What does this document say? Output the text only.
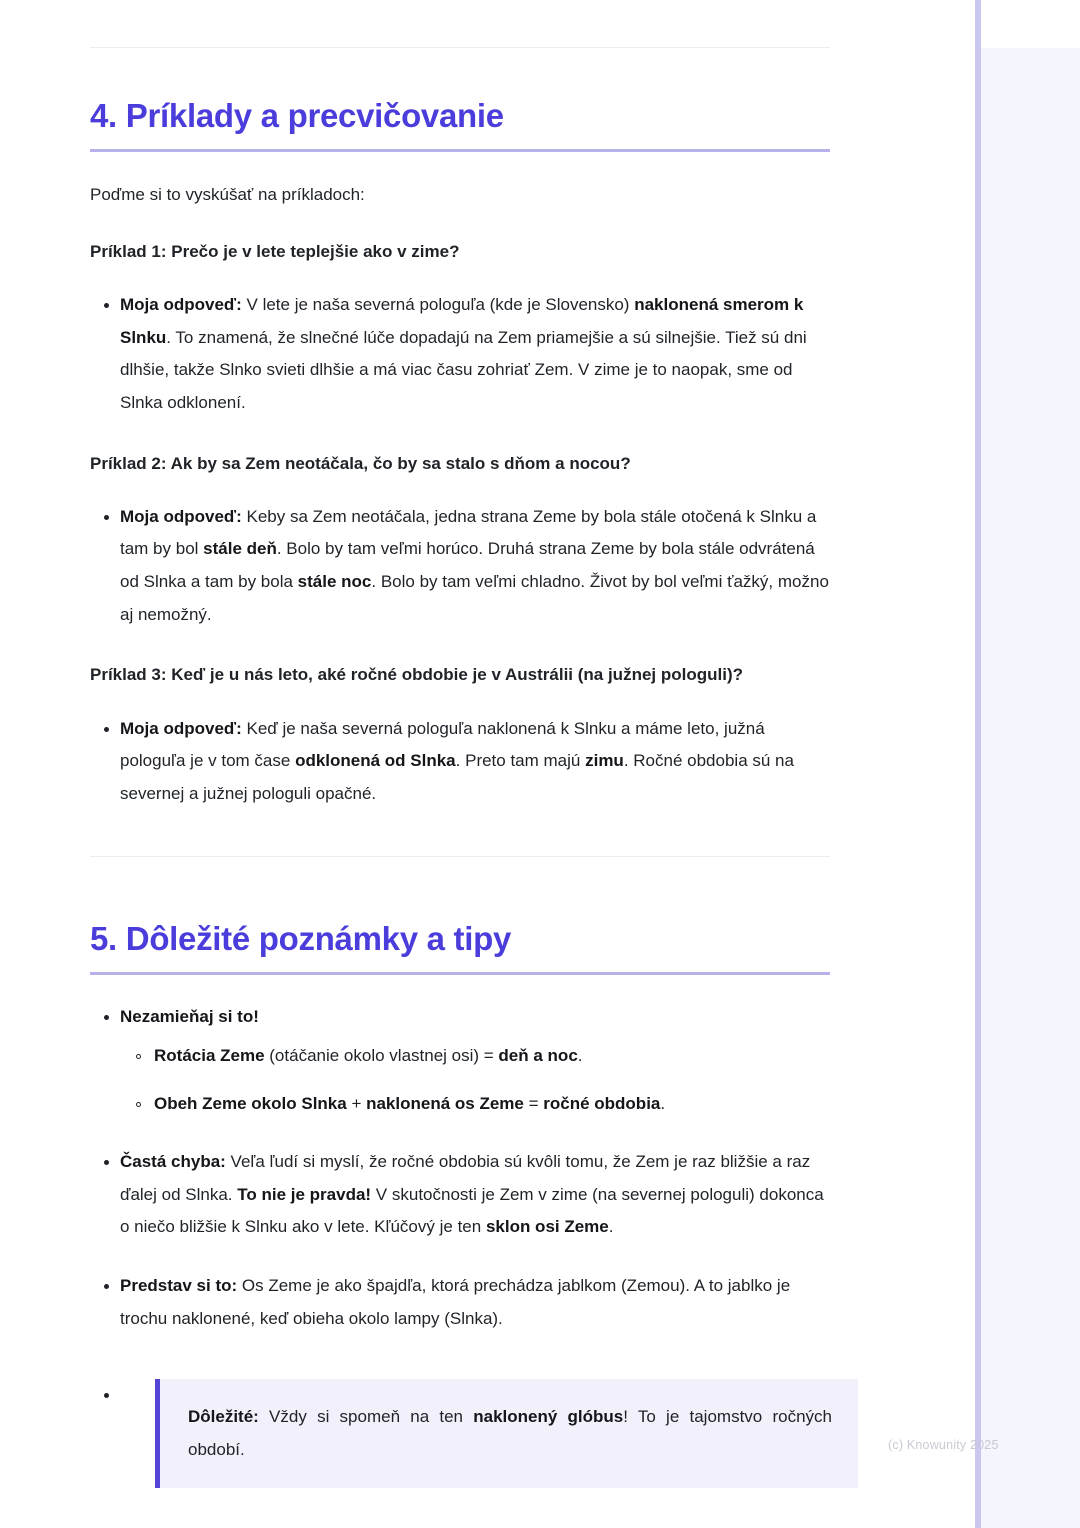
4. Príklady a precvičovanie

Poďme si to vyskúšať na príkladoch:

Príklad 1: Prečo je v lete teplejšie ako v zime?

Moja odpoveď: V lete je naša severná pologuľa (kde je Slovensko) naklonená smerom k Slnku. To znamená, že slnečné lúče dopadajú na Zem priamejšie a sú silnejšie. Tiež sú dni dlhšie, takže Slnko svieti dlhšie a má viac času zohriať Zem. V zime je to naopak, sme od Slnka odklonení.

Príklad 2: Ak by sa Zem neotáčala, čo by sa stalo s dňom a nocou?

Moja odpoveď: Keby sa Zem neotáčala, jedna strana Zeme by bola stále otočená k Slnku a tam by bol stále deň. Bolo by tam veľmi horúco. Druhá strana Zeme by bola stále odvrátená od Slnka a tam by bola stále noc. Bolo by tam veľmi chladno. Život by bol veľmi ťažký, možno aj nemožný.

Príklad 3: Keď je u nás leto, aké ročné obdobie je v Austrálii (na južnej pologuli)?

Moja odpoveď: Keď je naša severná pologuľa naklonená k Slnku a máme leto, južná pologuľa je v tom čase odklonená od Slnka. Preto tam majú zimu. Ročné obdobia sú na severnej a južnej pologuli opačné.
5. Dôležité poznámky a tipy
Nezamieňaj si to!
Rotácia Zeme (otáčanie okolo vlastnej osi) = deň a noc.
Obeh Zeme okolo Slnka + naklonená os Zeme = ročné obdobia.
Častá chyba: Veľa ľudí si myslí, že ročné obdobia sú kvôli tomu, že Zem je raz bližšie a raz ďalej od Slnka. To nie je pravda! V skutočnosti je Zem v zime (na severnej pologuli) dokonca o niečo bližšie k Slnku ako v lete. Kľúčový je ten sklon osi Zeme.
Predstav si to: Os Zeme je ako špajdľa, ktorá prechádza jablkom (Zemou). A to jablko je trochu naklonené, keď obieha okolo lampy (Slnka).

Dôležité: Vždy si spomeň na ten naklonený glóbus! To je tajomstvo ročných období.	(c) Knowunity 2025
